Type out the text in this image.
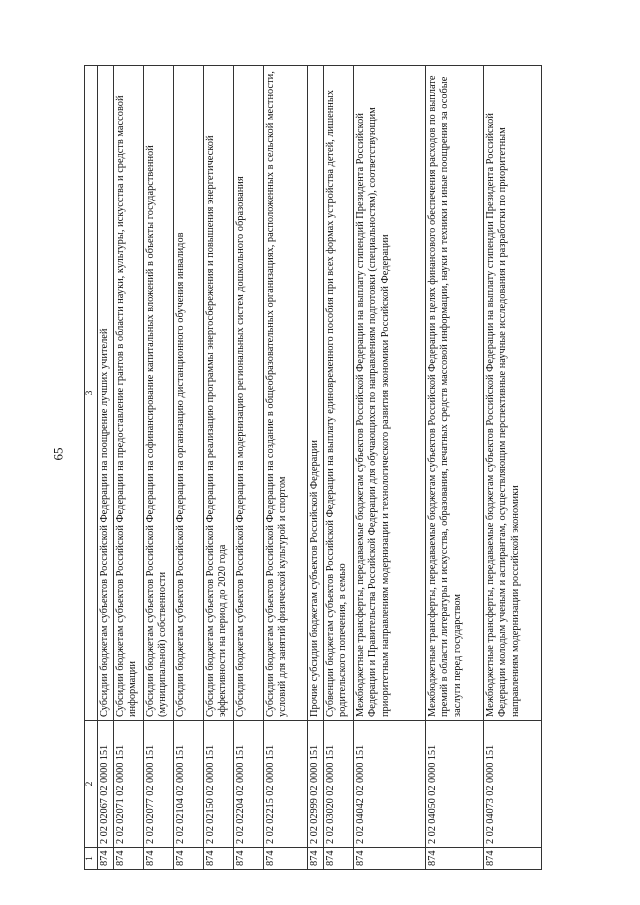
65
1	2	3
874	2 02 02067 02 0000 151	Субсидии бюджетам субъектов Российской Федерации на поощрение лучших учителей
874	2 02 02071 02 0000 151	Субсидии бюджетам субъектов Российской Федерации на предоставление грантов в области науки, культуры, искусства и средств массовой информации
874	2 02 02077 02 0000 151	Субсидии бюджетам субъектов Российской Федерации на софинансирование капитальных вложений в объекты государственной (муниципальной) собственности
874	2 02 02104 02 0000 151	Субсидии бюджетам субъектов Российской Федерации на организацию дистанционного обучения инвалидов
874	2 02 02150 02 0000 151	Субсидии бюджетам субъектов Российской Федерации на реализацию программы энергосбережения и повышения энергетической эффективности на период до 2020 года
874	2 02 02204 02 0000 151	Субсидии бюджетам субъектов Российской Федерации на модернизацию региональных систем дошкольного образования
874	2 02 02215 02 0000 151	Субсидии бюджетам субъектов Российской Федерации на создание в общеобразовательных организациях, расположенных в сельской местности, условий для занятий физической культурой и спортом
874	2 02 02999 02 0000 151	Прочие субсидии бюджетам субъектов Российской Федерации
874	2 02 03020 02 0000 151	Субвенции бюджетам субъектов Российской Федерации на выплату единовременного пособия при всех формах устройства детей, лишенных родительского попечения, в семью
874	2 02 04042 02 0000 151	Межбюджетные трансферты, передаваемые бюджетам субъектов Российской Федерации на выплату стипендий Президента Российской Федерации и Правительства Российской Федерации для обучающихся по направлениям подготовки (специальностям), соответствующим приоритетным направлениям модернизации и технологического развития экономики Российской Федерации
874	2 02 04050 02 0000 151	Межбюджетные трансферты, передаваемые бюджетам субъектов Российской Федерации в целях финансового обеспечения расходов по выплате премий в области литературы и искусства, образования, печатных средств массовой информации, науки и техники и иные поощрения за особые заслуги перед государством
874	2 02 04073 02 0000 151	Межбюджетные трансферты, передаваемые бюджетам субъектов Российской Федерации на выплату стипендии Президента Российской Федерации молодым ученым и аспирантам, осуществляющим перспективные научные исследования и разработки по приоритетным направлениям модернизации российской экономики
